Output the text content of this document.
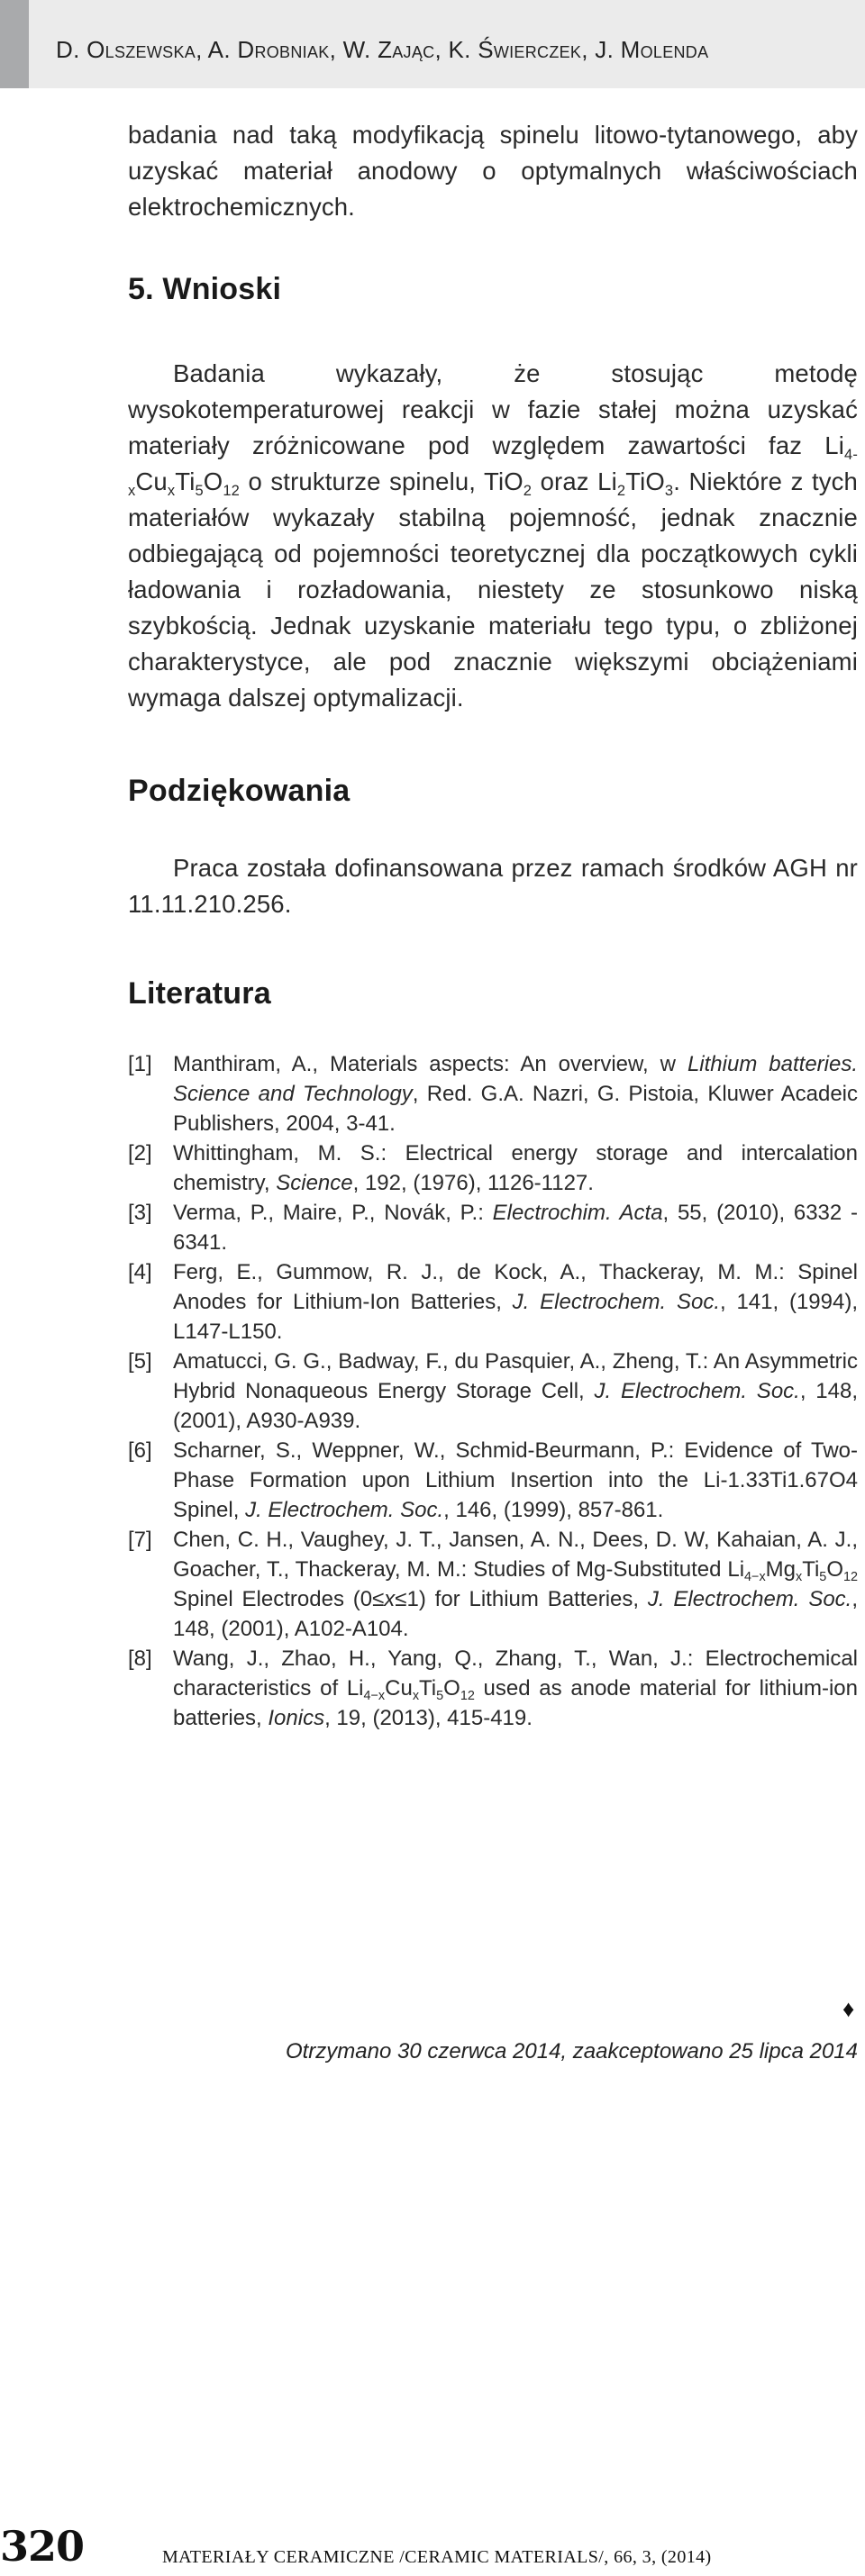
D. Olszewska, A. Drobniak, W. Zając, K. Świerczek, J. Molenda

badania nad taką modyfikacją spinelu litowo-tytanowego, aby uzyskać materiał anodowy o optymalnych właściwościach elektrochemicznych.

5. Wnioski

Badania wykazały, że stosując metodę wysokotemperaturowej reakcji w fazie stałej można uzyskać materiały zróżnicowane pod względem zawartości faz $Li_{4-x}Cu_xTi_5O_{12}$ o strukturze spinelu, TiO$_2$ oraz $Li_2TiO_3$. Niektóre z tych materiałów wykazały stabilną pojemność, jednak znacznie odbiegającą od pojemności teoretycznej dla początkowych cykli ładowania i rozładowania, niestety ze stosunkowo niską szybkością. Jednak uzyskanie materiału tego typu, o zbliżonej charakterystyce, ale pod znacznie większymi obciążeniami wymaga dalszej optymalizacji.

Podziękowania

Praca została dofinansowana przez ramach środków AGH nr 11.11.210.256.

Literatura
[1] Manthiram, A., Materials aspects: An overview, w Lithium batteries. Science and Technology, Red. G.A. Nazri, G. Pistoia, Kluwer Acadeic Publishers, 2004, 3-41.
[2] Whittingham, M. S.: Electrical energy storage and intercalation chemistry, Science, 192, (1976), 1126-1127.
[3] Verma, P., Maire, P., Novák, P.: Electrochim. Acta, 55, (2010), 6332 - 6341.
[4] Ferg, E., Gummow, R. J., de Kock, A., Thackeray, M. M.: Spinel Anodes for Lithium-Ion Batteries, J. Electrochem. Soc., 141, (1994), L147-L150.
[5] Amatucci, G. G., Badway, F., du Pasquier, A., Zheng, T.: An Asymmetric Hybrid Nonaqueous Energy Storage Cell, J. Electrochem. Soc., 148, (2001), A930-A939.
[6] Scharner, S., Weppner, W., Schmid-Beurmann, P.: Evidence of Two-Phase Formation upon Lithium Insertion into the Li-1.33Ti1.67O4 Spinel, J. Electrochem. Soc., 146, (1999), 857-861.
[7] Chen, C. H., Vaughey, J. T., Jansen, A. N., Dees, D. W, Kahaian, A. J., Goacher, T., Thackeray, M. M.: Studies of Mg-Substituted $Li_{4-x}Mg_xTi_5O_{12}$ Spinel Electrodes (0≤x≤1) for Lithium Batteries, J. Electrochem. Soc., 148, (2001), A102-A104.
[8] Wang, J., Zhao, H., Yang, Q., Zhang, T., Wan, J.: Electrochemical characteristics of $Li_{4-x}Cu_xTi_5O_{12}$ used as anode material for lithium-ion batteries, Ionics, 19, (2013), 415-419.
♦
Otrzymano 30 czerwca 2014, zaakceptowano 25 lipca 2014
320	MATERIAŁY CERAMICZNE /CERAMIC MATERIALS/, 66, 3, (2014)
